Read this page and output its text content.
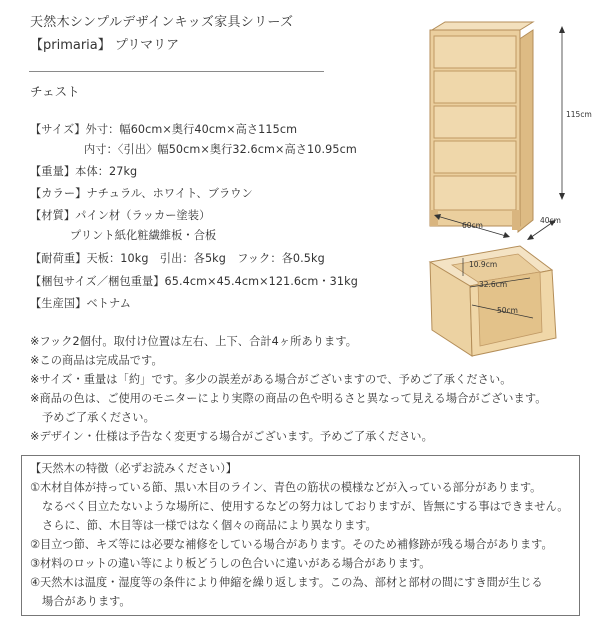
天然木シンプルデザインキッズ家具シリーズ
【primaria】 プリマリア
チェスト
【サイズ】外寸：幅60cm×奥行40cm×高さ115cm
内寸：〈引出〉幅50cm×奥行32.6cm×高さ10.95cm
【重量】本体：27kg
【カラー】ナチュラル、ホワイト、ブラウン
【材質】パイン材（ラッカー塗装）
プリント紙化粧繊維板・合板
【耐荷重】天板：10kg　引出：各5kg　フック：各0.5kg
【梱包サイズ／梱包重量】65.4cm×45.4cm×121.6cm・31kg
【生産国】ベトナム
※フック2個付。取付け位置は左右、上下、合計4ヶ所あります。
※この商品は完成品です。
※サイズ・重量は「約」です。多少の誤差がある場合がございますので、予めご了承ください。
※商品の色は、ご使用のモニターにより実際の商品の色や明るさと異なって見える場合がございます。
予めご了承ください。
※デザイン・仕様は予告なく変更する場合がございます。予めご了承ください。
【天然木の特徴（必ずお読みください）】
①木材自体が持っている節、黒い木目のライン、青色の筋状の模様などが入っている部分があります。
なるべく目立たないような場所に、使用するなどの努力はしておりますが、皆無にする事はできません。
さらに、節、木目等は一様ではなく個々の商品により異なります。
②目立つ節、キズ等には必要な補修をしている場合があります。そのため補修跡が残る場合があります。
③材料のロットの違い等により板どうしの色合いに違いがある場合があります。
④天然木は温度・湿度等の条件により伸縮を繰り返します。この為、部材と部材の間にすき間が生じる
場合があります。
115cm
60cm
40cm
10.9cm
32.6cm
50cm
